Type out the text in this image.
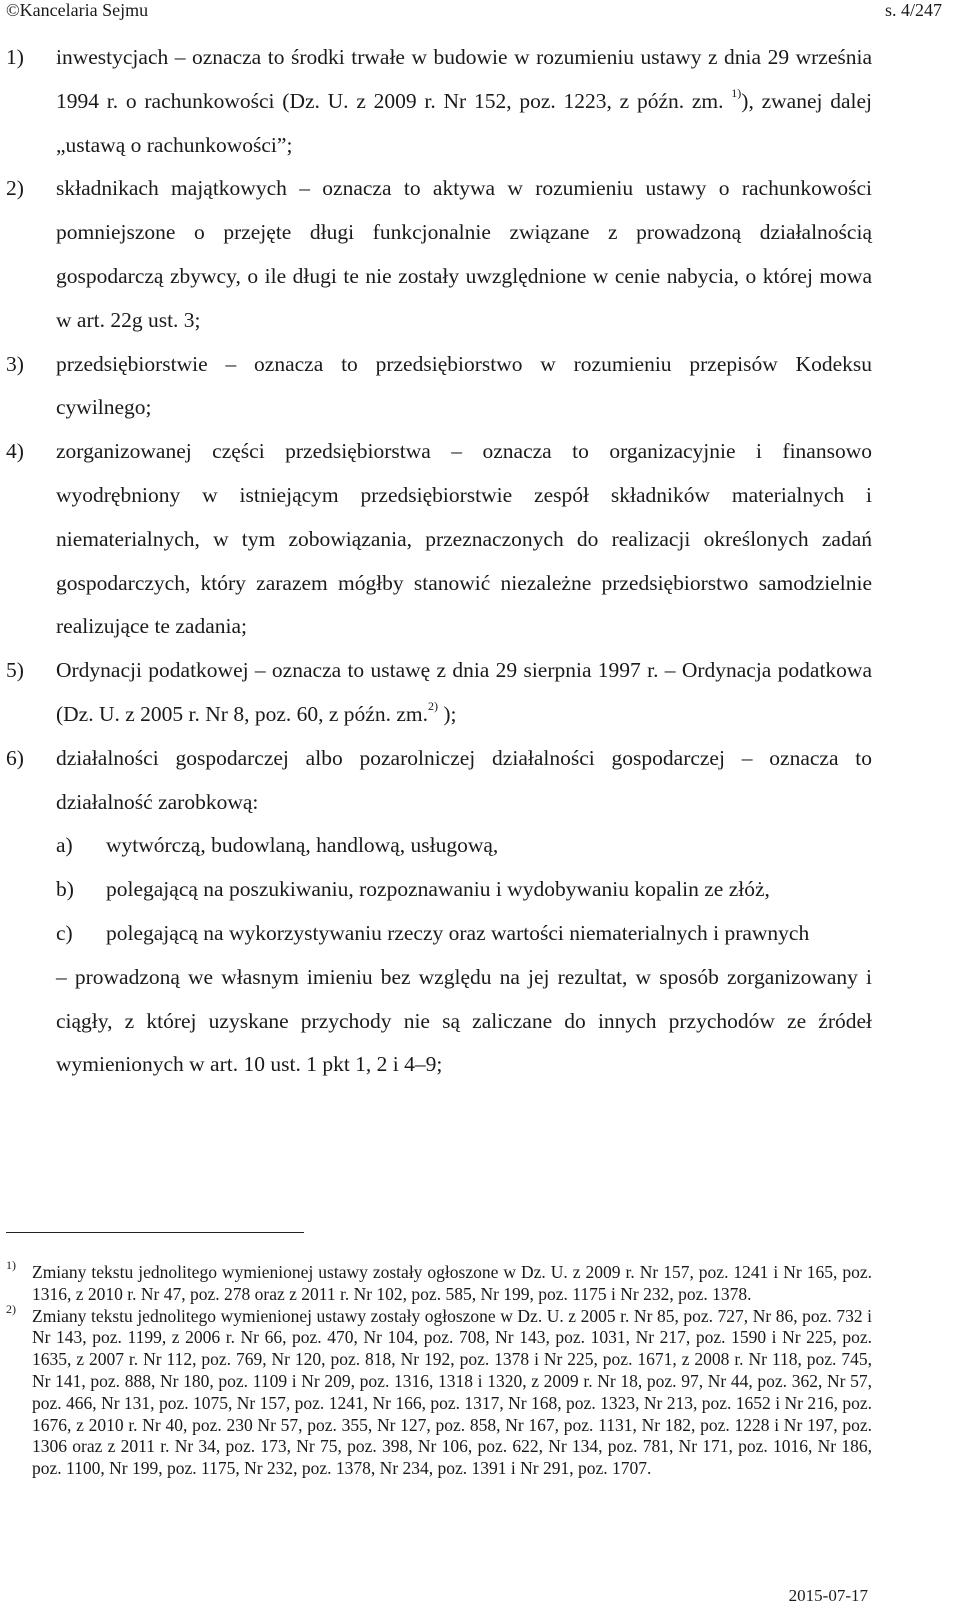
©Kancelaria Sejmu	s. 4/247
1) inwestycjach – oznacza to środki trwałe w budowie w rozumieniu ustawy z dnia 29 września 1994 r. o rachunkowości (Dz. U. z 2009 r. Nr 152, poz. 1223, z późn. zm. $^{1)}$), zwanej dalej „ustawą o rachunkowości”;
2) składnikach majątkowych – oznacza to aktywa w rozumieniu ustawy o rachunkowości pomniejszone o przejęte długi funkcjonalnie związane z prowadzoną działalnością gospodarczą zbywcy, o ile długi te nie zostały uwzględnione w cenie nabycia, o której mowa w art. 22g ust. 3;
3) przedsiębiorstwie – oznacza to przedsiębiorstwo w rozumieniu przepisów Kodeksu cywilnego;
4) zorganizowanej części przedsiębiorstwa – oznacza to organizacyjnie i finansowo wyodrębniony w istniejącym przedsiębiorstwie zespół składników materialnych i niematerialnych, w tym zobowiązania, przeznaczonych do realizacji określonych zadań gospodarczych, który zarazem mógłby stanowić niezależne przedsiębiorstwo samodzielnie realizujące te zadania;
5) Ordynacji podatkowej – oznacza to ustawę z dnia 29 sierpnia 1997 r. – Ordynacja podatkowa (Dz. U. z 2005 r. Nr 8, poz. 60, z późn. zm.$^{2)}$ );
6) działalności gospodarczej albo pozarolniczej działalności gospodarczej – oznacza to działalność zarobkową:
a) wytwórczą, budowlaną, handlową, usługową,
b) polegającą na poszukiwaniu, rozpoznawaniu i wydobywaniu kopalin ze złóż,
c) polegającą na wykorzystywaniu rzeczy oraz wartości niematerialnych i prawnych
– prowadzoną we własnym imieniu bez względu na jej rezultat, w sposób zorganizowany i ciągły, z której uzyskane przychody nie są zaliczane do innych przychodów ze źródeł wymienionych w art. 10 ust. 1 pkt 1, 2 i 4–9;
1) Zmiany tekstu jednolitego wymienionej ustawy zostały ogłoszone w Dz. U. z 2009 r. Nr 157, poz. 1241 i Nr 165, poz. 1316, z 2010 r. Nr 47, poz. 278 oraz z 2011 r. Nr 102, poz. 585, Nr 199, poz. 1175 i Nr 232, poz. 1378.
2) Zmiany tekstu jednolitego wymienionej ustawy zostały ogłoszone w Dz. U. z 2005 r. Nr 85, poz. 727, Nr 86, poz. 732 i Nr 143, poz. 1199, z 2006 r. Nr 66, poz. 470, Nr 104, poz. 708, Nr 143, poz. 1031, Nr 217, poz. 1590 i Nr 225, poz. 1635, z 2007 r. Nr 112, poz. 769, Nr 120, poz. 818, Nr 192, poz. 1378 i Nr 225, poz. 1671, z 2008 r. Nr 118, poz. 745, Nr 141, poz. 888, Nr 180, poz. 1109 i Nr 209, poz. 1316, 1318 i 1320, z 2009 r. Nr 18, poz. 97, Nr 44, poz. 362, Nr 57, poz. 466, Nr 131, poz. 1075, Nr 157, poz. 1241, Nr 166, poz. 1317, Nr 168, poz. 1323, Nr 213, poz. 1652 i Nr 216, poz. 1676, z 2010 r. Nr 40, poz. 230 Nr 57, poz. 355, Nr 127, poz. 858, Nr 167, poz. 1131, Nr 182, poz. 1228 i Nr 197, poz. 1306 oraz z 2011 r. Nr 34, poz. 173, Nr 75, poz. 398, Nr 106, poz. 622, Nr 134, poz. 781, Nr 171, poz. 1016, Nr 186, poz. 1100, Nr 199, poz. 1175, Nr 232, poz. 1378, Nr 234, poz. 1391 i Nr 291, poz. 1707.
2015-07-17
